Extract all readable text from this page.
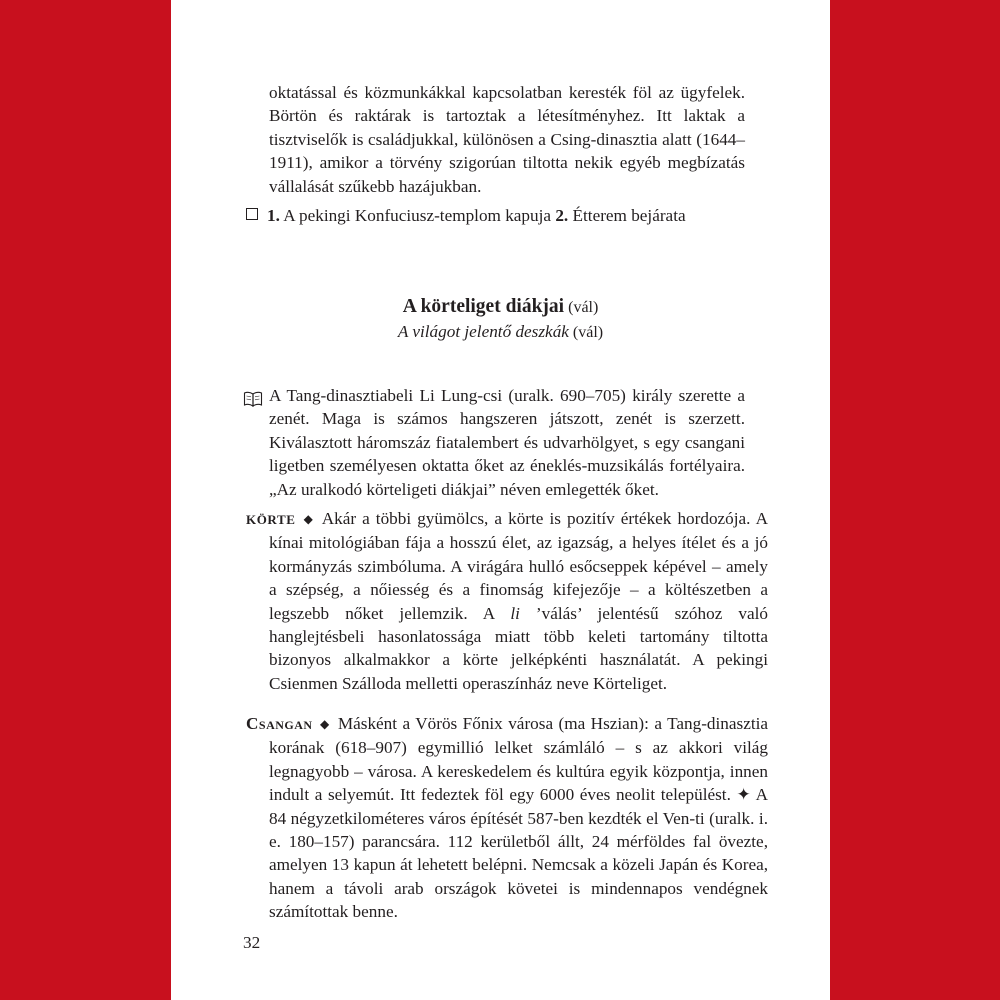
oktatással és közmunkákkal kapcsolatban keresték föl az ügyfelek. Börtön és raktárak is tartoztak a létesítményhez. Itt laktak a tisztviselők is családjukkal, különösen a Csing-dinasztia alatt (1644–1911), amikor a törvény szigorúan tiltotta nekik egyéb megbízatás vállalását szűkebb hazájukban.
1. A pekingi Konfuciusz-templom kapuja 2. Étterem bejárata
A körteliget diákjai (vál)
A világot jelentő deszkák (vál)
A Tang-dinasztiabeli Li Lung-csi (uralk. 690–705) király szerette a zenét. Maga is számos hangszeren játszott, zenét is szerzett. Kiválasztott háromszáz fiatalembert és udvarhölgyet, s egy csangani ligetben személyesen oktatta őket az éneklés-muzsikálás fortélyaira. „Az uralkodó körteligeti diákjai” néven emlegették őket.
KÖRTE ◆ Akár a többi gyümölcs, a körte is pozitív értékek hordozója. A kínai mitológiában fája a hosszú élet, az igazság, a helyes ítélet és a jó kormányzás szimbóluma. A virágára hulló esőcseppek képével – amely a szépség, a nőiesség és a finomság kifejezője – a költészetben a legszebb nőket jellemzik. A li ’válás’ jelentésű szóhoz való hanglejtésbeli hasonlatossága miatt több keleti tartomány tiltotta bizonyos alkalmakkor a körte jelképkénti használatát. A pekingi Csienmen Szálloda melletti operaszínház neve Körteliget.
Csangan ◆ Másként a Vörös Főnix városa (ma Hszian): a Tang-dinasztia korának (618–907) egymillió lelket számláló – s az akkori világ legnagyobb – városa. A kereskedelem és kultúra egyik központja, innen indult a selyemút. Itt fedeztek föl egy 6000 éves neolit települést. ✦ A 84 négyzetkilométeres város építését 587-ben kezdték el Ven-ti (uralk. i. e. 180–157) parancsára. 112 kerületből állt, 24 mérföldes fal övezte, amelyen 13 kapun át lehetett belépni. Nemcsak a közeli Japán és Korea, hanem a távoli arab országok követei is mindennapos vendégnek számítottak benne.
32
